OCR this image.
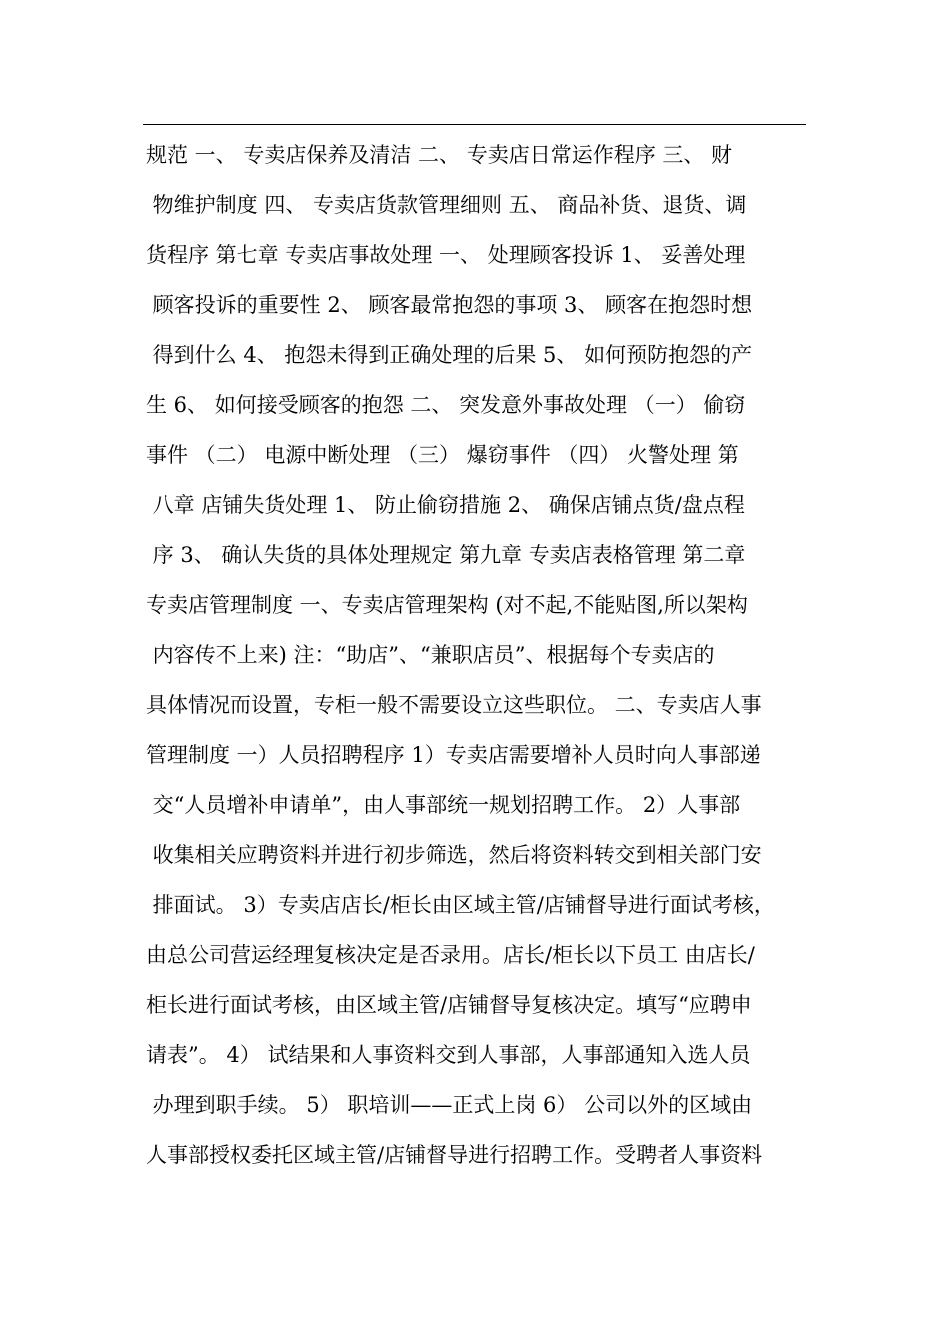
规范 一、 专卖店保养及清洁 二、 专卖店日常运作程序 三、 财
物维护制度 四、 专卖店货款管理细则 五、 商品补货、退货、调
货程序 第七章 专卖店事故处理 一、 处理顾客投诉 1、 妥善处理
顾客投诉的重要性 2、 顾客最常抱怨的事项 3、 顾客在抱怨时想
得到什么 4、 抱怨未得到正确处理的后果 5、 如何预防抱怨的产
生 6、 如何接受顾客的抱怨 二、 突发意外事故处理 （一） 偷窃
事件 （二） 电源中断处理 （三） 爆窃事件 （四） 火警处理 第
八章 店铺失货处理 1、 防止偷窃措施 2、 确保店铺点货/盘点程
序 3、 确认失货的具体处理规定 第九章 专卖店表格管理 第二章
专卖店管理制度 一、专卖店管理架构 (对不起,不能贴图,所以架构
内容传不上来) 注：“助店”、“兼职店员”、根据每个专卖店的
具体情况而设置，专柜一般不需要设立这些职位。 二、专卖店人事
管理制度 一）人员招聘程序 1）专卖店需要增补人员时向人事部递
交“人员增补申请单”，由人事部统一规划招聘工作。 2）人事部
收集相关应聘资料并进行初步筛选，然后将资料转交到相关部门安
排面试。 3）专卖店店长/柜长由区域主管/店铺督导进行面试考核，
由总公司营运经理复核决定是否录用。店长/柜长以下员工 由店长/
柜长进行面试考核，由区域主管/店铺督导复核决定。填写“应聘申
请表”。 4） 试结果和人事资料交到人事部，人事部通知入选人员
办理到职手续。 5） 职培训——正式上岗 6） 公司以外的区域由
人事部授权委托区域主管/店铺督导进行招聘工作。受聘者人事资料
